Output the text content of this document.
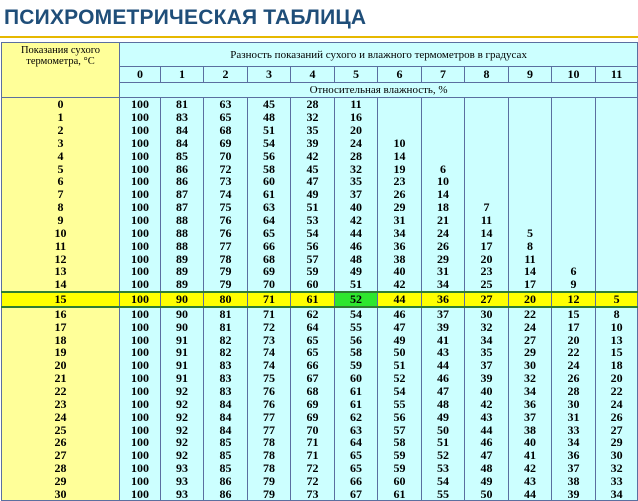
ПСИХРОМЕТРИЧЕСКАЯ ТАБЛИЦА
Показания сухого термометра, °С	Разность показаний сухого и влажного термометров в градусах											
	0	1	2	3	4	5	6	7	8	9	10	11
	Относительная влажность, %											
0	100	81	63	45	28	11						
1	100	83	65	48	32	16						
2	100	84	68	51	35	20						
3	100	84	69	54	39	24	10					
4	100	85	70	56	42	28	14					
5	100	86	72	58	45	32	19	6				
6	100	86	73	60	47	35	23	10				
7	100	87	74	61	49	37	26	14				
8	100	87	75	63	51	40	29	18	7			
9	100	88	76	64	53	42	31	21	11			
10	100	88	76	65	54	44	34	24	14	5		
11	100	88	77	66	56	46	36	26	17	8		
12	100	89	78	68	57	48	38	29	20	11		
13	100	89	79	69	59	49	40	31	23	14	6	
14	100	89	79	70	60	51	42	34	25	17	9	
15	100	90	80	71	61	52	44	36	27	20	12	5
16	100	90	81	71	62	54	46	37	30	22	15	8
17	100	90	81	72	64	55	47	39	32	24	17	10
18	100	91	82	73	65	56	49	41	34	27	20	13
19	100	91	82	74	65	58	50	43	35	29	22	15
20	100	91	83	74	66	59	51	44	37	30	24	18
21	100	91	83	75	67	60	52	46	39	32	26	20
22	100	92	83	76	68	61	54	47	40	34	28	22
23	100	92	84	76	69	61	55	48	42	36	30	24
24	100	92	84	77	69	62	56	49	43	37	31	26
25	100	92	84	77	70	63	57	50	44	38	33	27
26	100	92	85	78	71	64	58	51	46	40	34	29
27	100	92	85	78	71	65	59	52	47	41	36	30
28	100	93	85	78	72	65	59	53	48	42	37	32
29	100	93	86	79	72	66	60	54	49	43	38	33
30	100	93	86	79	73	67	61	55	50	44	39	34
